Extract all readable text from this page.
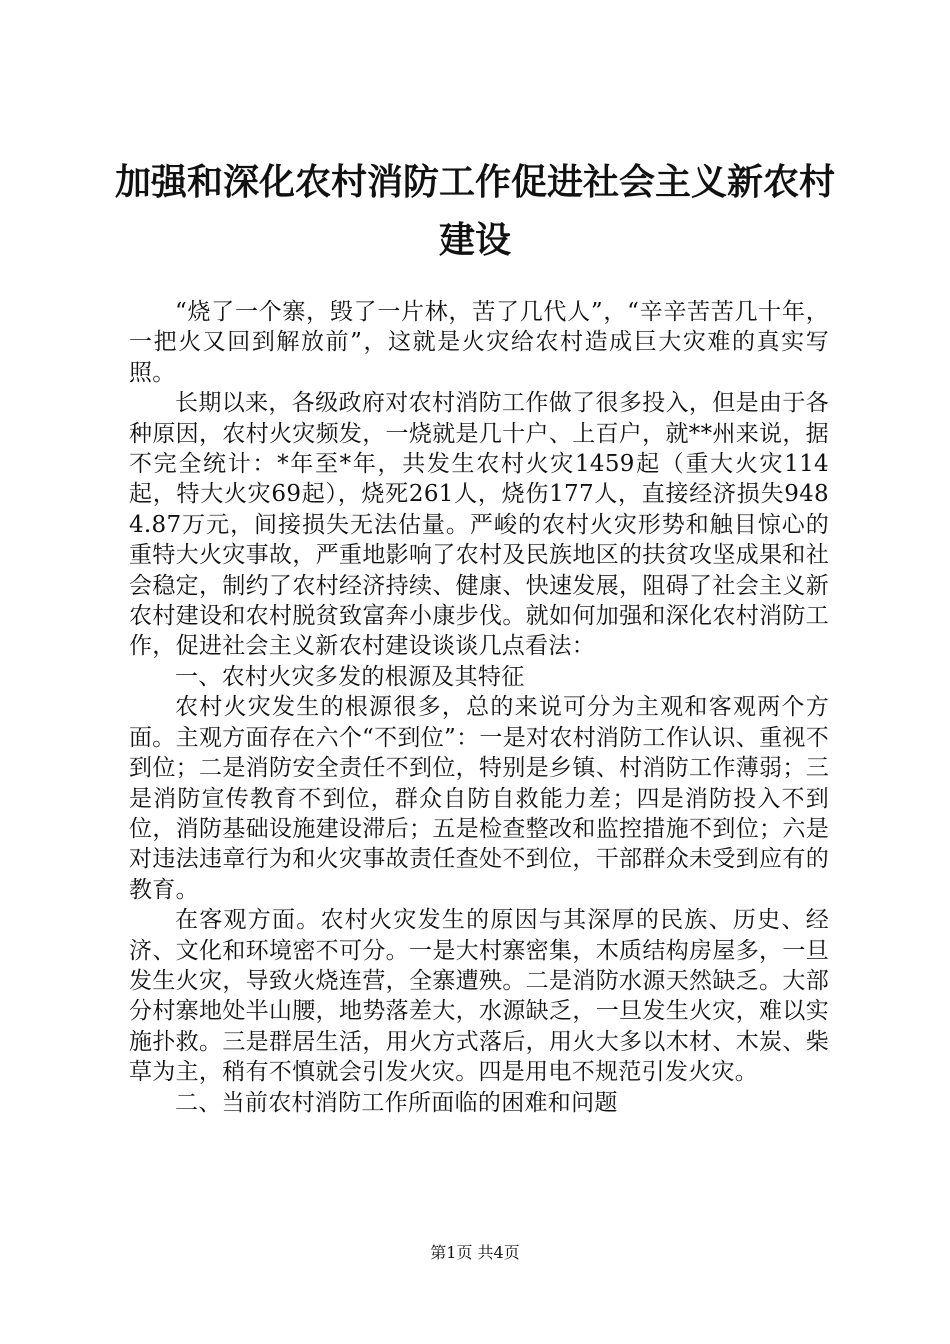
加强和深化农村消防工作促进社会主义新农村
建设

“烧了一个寨，毁了一片林，苦了几代人”，“辛辛苦苦几十年，一把火又回到解放前”，这就是火灾给农村造成巨大灾难的真实写照。

长期以来，各级政府对农村消防工作做了很多投入，但是由于各种原因，农村火灾频发，一烧就是几十户、上百户，就**州来说，据不完全统计：*年至*年，共发生农村火灾1459起（重大火灾114起，特大火灾69起），烧死261人，烧伤177人，直接经济损失9484.87万元，间接损失无法估量。严峻的农村火灾形势和触目惊心的重特大火灾事故，严重地影响了农村及民族地区的扶贫攻坚成果和社会稳定，制约了农村经济持续、健康、快速发展，阻碍了社会主义新农村建设和农村脱贫致富奔小康步伐。就如何加强和深化农村消防工作，促进社会主义新农村建设谈谈几点看法：

一、农村火灾多发的根源及其特征

农村火灾发生的根源很多，总的来说可分为主观和客观两个方面。主观方面存在六个“不到位”：一是对农村消防工作认识、重视不到位；二是消防安全责任不到位，特别是乡镇、村消防工作薄弱；三是消防宣传教育不到位，群众自防自救能力差；四是消防投入不到位，消防基础设施建设滞后；五是检查整改和监控措施不到位；六是对违法违章行为和火灾事故责任查处不到位，干部群众未受到应有的教育。

在客观方面。农村火灾发生的原因与其深厚的民族、历史、经济、文化和环境密不可分。一是大村寨密集，木质结构房屋多，一旦发生火灾，导致火烧连营，全寨遭殃。二是消防水源天然缺乏。大部分村寨地处半山腰，地势落差大，水源缺乏，一旦发生火灾，难以实施扑救。三是群居生活，用火方式落后，用火大多以木材、木炭、柴草为主，稍有不慎就会引发火灾。四是用电不规范引发火灾。

二、当前农村消防工作所面临的困难和问题

第1页 共4页
